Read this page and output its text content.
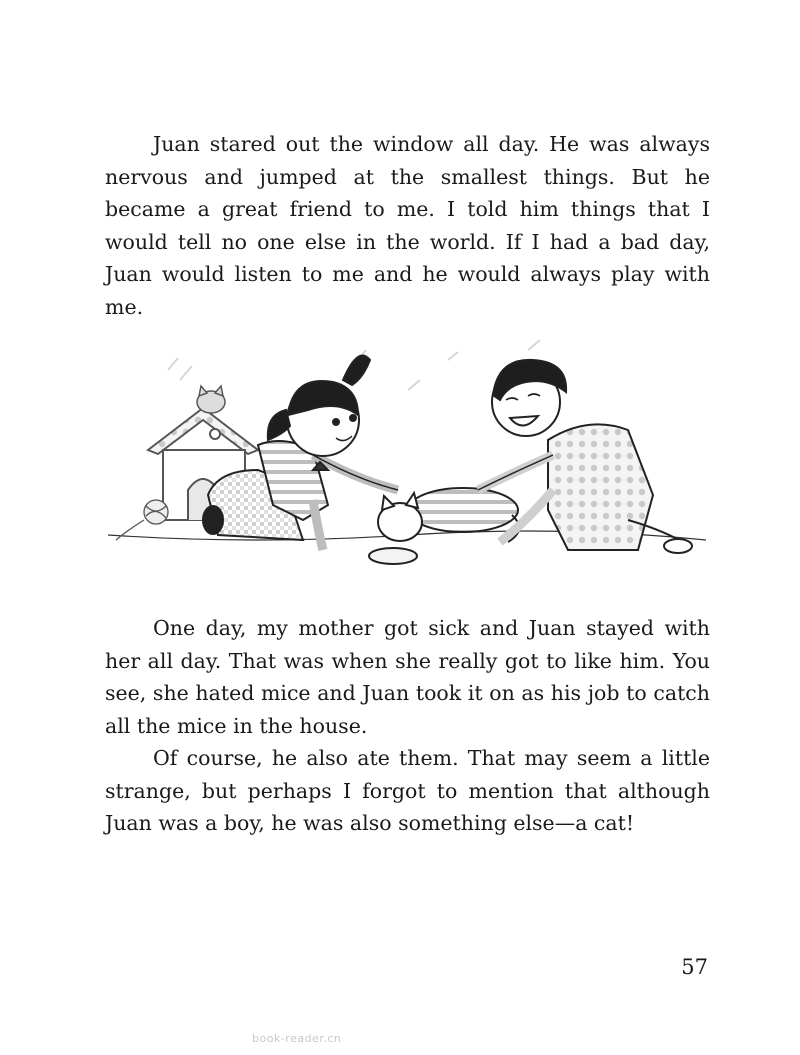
Juan stared out the window all day. He was always nervous and jumped at the smallest things. But he became a great friend to me. I told him things that I would tell no one else in the world. If I had a bad day, Juan would listen to me and he would always play with me.

One day, my mother got sick and Juan stayed with her all day. That was when she really got to like him. You see, she hated mice and Juan took it on as his job to catch all the mice in the house.

Of course, he also ate them. That may seem a little strange, but perhaps I forgot to mention that although Juan was a boy, he was also something else—a cat!

57
book-reader.cn
